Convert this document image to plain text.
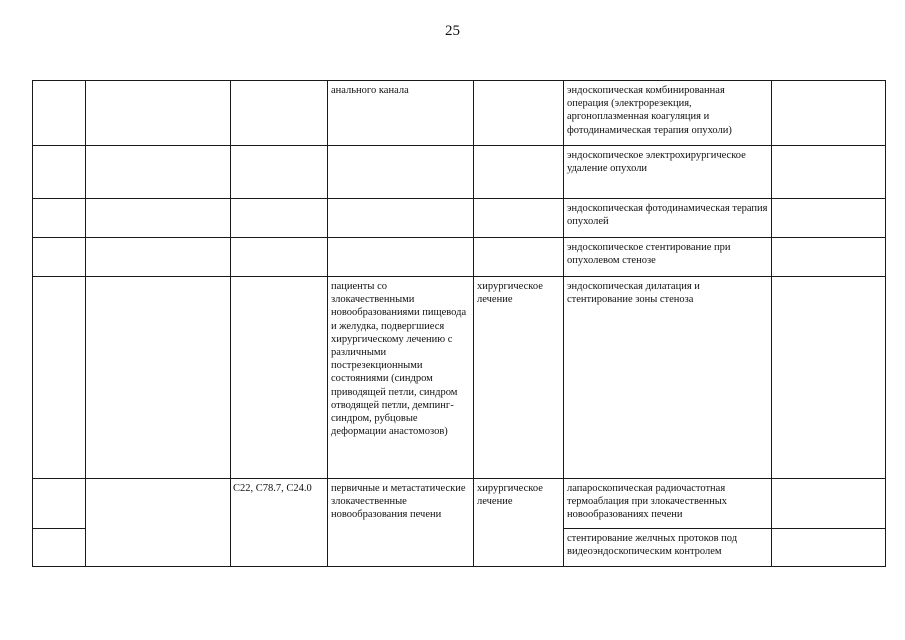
25
			анального канала		эндоскопическая комбинированная операция (электрорезекция, аргоноплазменная коагуляция и фотодинамическая терапия опухоли)	
					эндоскопическое электрохирургическое удаление опухоли	
					эндоскопическая фотодинамическая терапия опухолей	
					эндоскопическое стентирование при опухолевом стенозе	
			пациенты со злокачественными новообразованиями пищевода и желудка, подвергшиеся хирургическому лечению с различными пострезекционными состояниями (синдром приводящей петли, синдром отводящей петли, демпинг-синдром, рубцовые деформации анастомозов)	хирургическое лечение	эндоскопическая дилатация и стентирование зоны стеноза	
		C22, C78.7, C24.0	первичные и метастатические злокачественные новообразования печени	хирургическое лечение	лапароскопическая радиочастотная термоаблация при злокачественных новообразованиях печени	
					стентирование желчных протоков под видеоэндоскопическим контролем	
